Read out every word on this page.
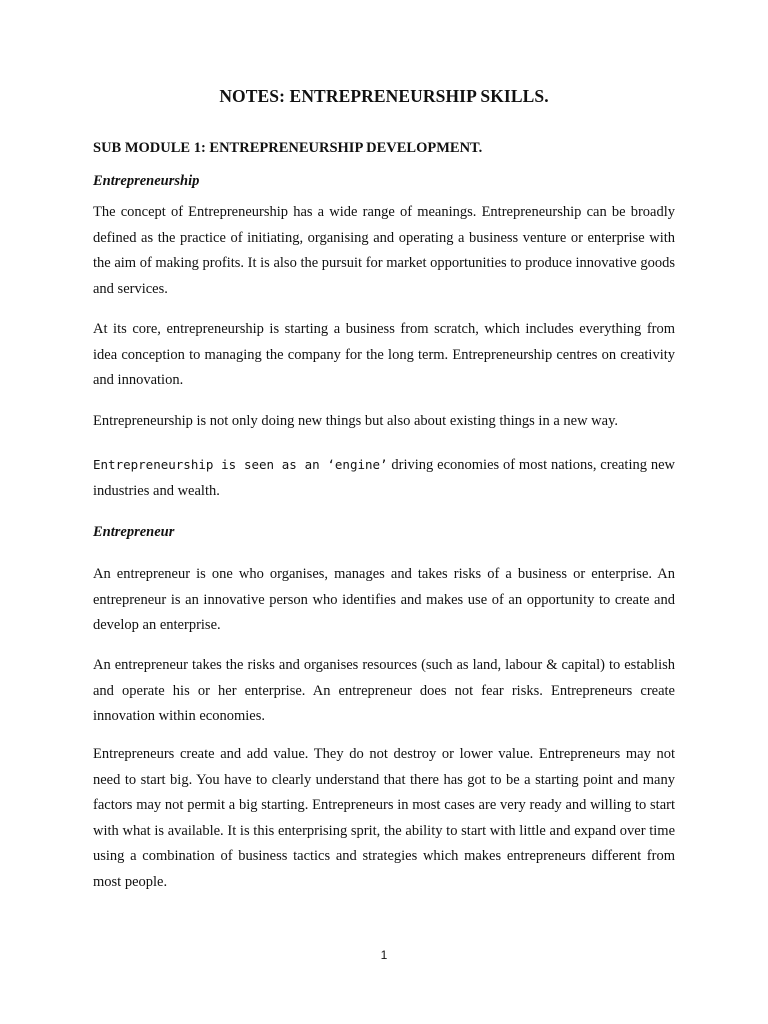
NOTES: ENTREPRENEURSHIP SKILLS.
SUB MODULE 1: ENTREPRENEURSHIP DEVELOPMENT.
Entrepreneurship
The concept of Entrepreneurship has a wide range of meanings. Entrepreneurship can be broadly defined as the practice of initiating, organising and operating a business venture or enterprise with the aim of making profits. It is also the pursuit for market opportunities to produce innovative goods and services.
At its core, entrepreneurship is starting a business from scratch, which includes everything from idea conception to managing the company for the long term. Entrepreneurship centres on creativity and innovation.
Entrepreneurship is not only doing new things but also about existing things in a new way.
Entrepreneurship is seen as an ‘engine’ driving economies of most nations, creating new industries and wealth.
Entrepreneur
An entrepreneur is one who organises, manages and takes risks of a business or enterprise. An entrepreneur is an innovative person who identifies and makes use of an opportunity to create and develop an enterprise.
An entrepreneur takes the risks and organises resources (such as land, labour & capital) to establish and operate his or her enterprise. An entrepreneur does not fear risks. Entrepreneurs create innovation within economies.
Entrepreneurs create and add value. They do not destroy or lower value. Entrepreneurs may not need to start big. You have to clearly understand that there has got to be a starting point and many factors may not permit a big starting. Entrepreneurs in most cases are very ready and willing to start with what is available. It is this enterprising sprit, the ability to start with little and expand over time using a combination of business tactics and strategies which makes entrepreneurs different from most people.
1
